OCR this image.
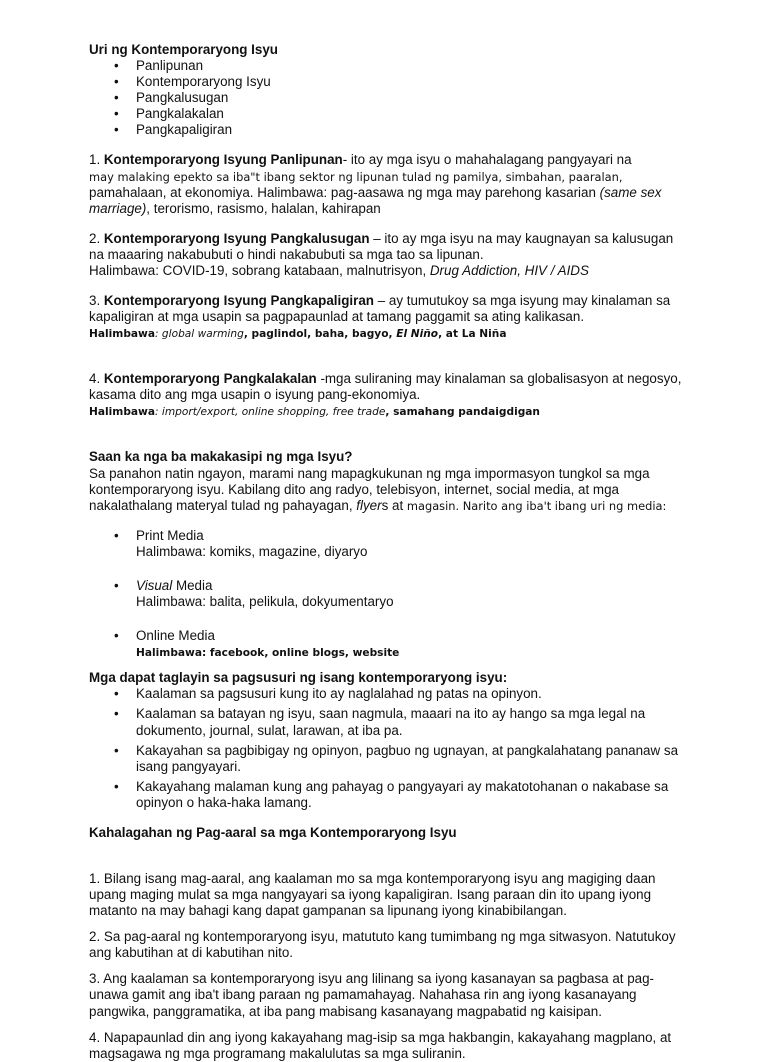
Uri ng Kontemporaryong Isyu

• Panlipunan
• Kontemporaryong Isyu
• Pangkalusugan
• Pangkalakalan
• Pangkapaligiran

1. Kontemporaryong Isyung Panlipunan- ito ay mga isyu o mahahalagang pangyayari na
may malaking epekto sa iba"t ibang sektor ng lipunan tulad ng pamilya, simbahan, paaralan,
pamahalaan, at ekonomiya. Halimbawa: pag-aasawa ng mga may parehong kasarian (same sex marriage), terorismo, rasismo, halalan, kahirapan

2. Kontemporaryong Isyung Pangkalusugan – ito ay mga isyu na may kaugnayan sa kalusugan na maaaring nakabubuti o hindi nakabubuti sa mga tao sa lipunan.
Halimbawa: COVID-19, sobrang katabaan, malnutrisyon, Drug Addiction, HIV / AIDS

3. Kontemporaryong Isyung Pangkapaligiran – ay tumutukoy sa mga isyung may kinalaman sa kapaligiran at mga usapin sa pagpapaunlad at tamang paggamit sa ating kalikasan.
Halimbawa: global warming, paglindol, baha, bagyo, El Niño, at La Niña

4. Kontemporaryong Pangkalakalan -mga suliraning may kinalaman sa globalisasyon at negosyo, kasama dito ang mga usapin o isyung pang-ekonomiya.
Halimbawa: import/export, online shopping, free trade, samahang pandaigdigan

Saan ka nga ba makakasipi ng mga Isyu?

Sa panahon natin ngayon, marami nang mapagkukunan ng mga impormasyon tungkol sa mga kontemporaryong isyu. Kabilang dito ang radyo, telebisyon, internet, social media, at mga nakalathalang materyal tulad ng pahayagan, flyers at magasin. Narito ang iba't ibang uri ng media:

• Print Media
Halimbawa: komiks, magazine, diyaryo
• Visual Media
Halimbawa: balita, pelikula, dokyumentaryo
• Online Media
Halimbawa: facebook, online blogs, website

Mga dapat taglayin sa pagsusuri ng isang kontemporaryong isyu:

• Kaalaman sa pagsusuri kung ito ay naglalahad ng patas na opinyon.
• Kaalaman sa batayan ng isyu, saan nagmula, maaari na ito ay hango sa mga legal na dokumento, journal, sulat, larawan, at iba pa.
• Kakayahan sa pagbibigay ng opinyon, pagbuo ng ugnayan, at pangkalahatang pananaw sa isang pangyayari.
• Kakayahang malaman kung ang pahayag o pangyayari ay makatotohanan o nakabase sa opinyon o haka-haka lamang.

Kahalagahan ng Pag-aaral sa mga Kontemporaryong Isyu

1. Bilang isang mag-aaral, ang kaalaman mo sa mga kontemporaryong isyu ang magiging daan upang maging mulat sa mga nangyayari sa iyong kapaligiran. Isang paraan din ito upang iyong matanto na may bahagi kang dapat gampanan sa lipunang iyong kinabibilangan.

2. Sa pag-aaral ng kontemporaryong isyu, matututo kang tumimbang ng mga sitwasyon. Natutukoy ang kabutihan at di kabutihan nito.

3. Ang kaalaman sa kontemporaryong isyu ang lilinang sa iyong kasanayan sa pagbasa at pag-unawa gamit ang iba't ibang paraan ng pamamahayag. Nahahasa rin ang iyong kasanayang pangwika, panggramatika, at iba pang mabisang kasanayang magpabatid ng kaisipan.

4. Napapaunlad din ang iyong kakayahang mag-isip sa mga hakbangin, kakayahang magplano, at magsagawa ng mga programang makalulutas sa mga suliranin.
